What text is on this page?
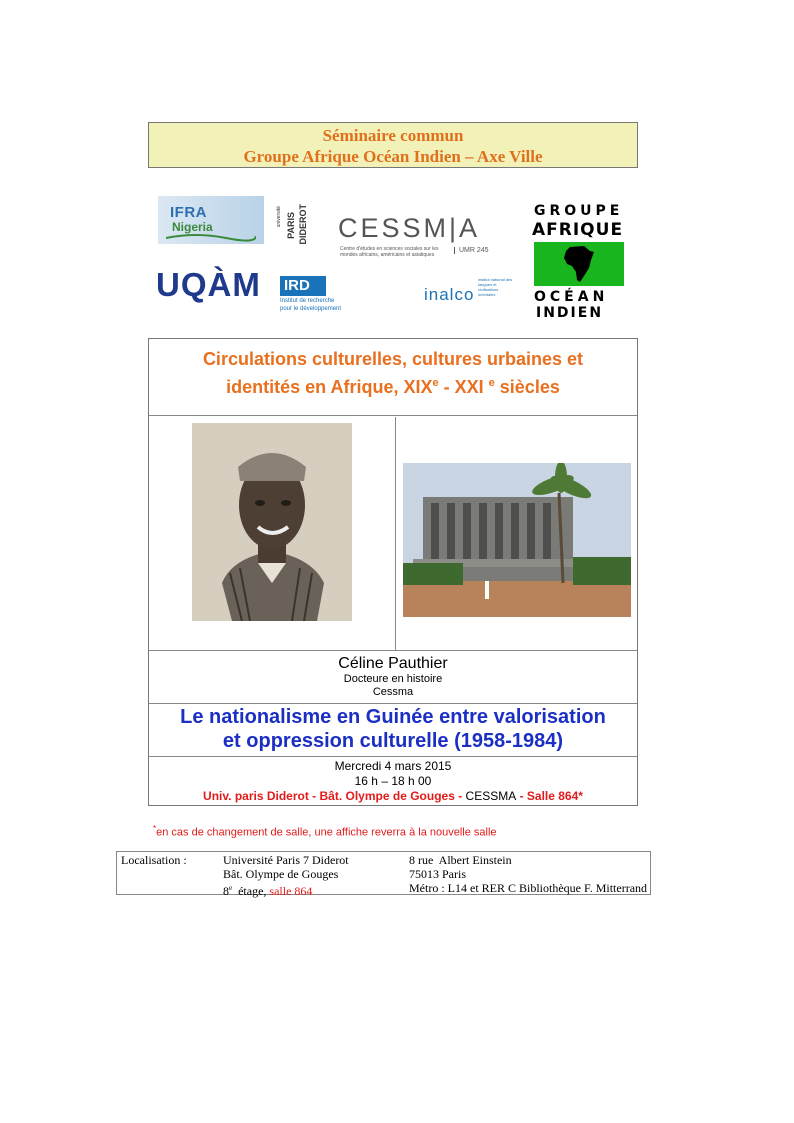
Séminaire commun
Groupe Afrique Océan Indien – Axe Ville
IFRA
Nigeria	université PARIS DIDEROT CESSM|A
Centre d'études en sciences sociales sur les mondes africains, américains et asiatiques
UMR 245
GROUPE
AFRIQUE
OCÉAN
INDIEN
UQÀM IRD
Institut de recherche
pour le développement
inalco
institut national des langues et civilisations orientales
Circulations culturelles, cultures urbaines et
identités en Afrique, XIXe - XXI $^e$ siècles
Céline Pauthier
Docteure en histoire
Cessma
Le nationalisme en Guinée entre valorisation
et oppression culturelle (1958-1984)
Mercredi 4 mars 2015
16 h – 18 h 00
Univ. paris Diderot - Bât. Olympe de Gouges - CESSMA - Salle 864*
*en cas de changement de salle, une affiche reverra à la nouvelle salle
Localisation :	Université Paris 7 Diderot
Bât. Olympe de Gouges
8e  étage, salle 864
8 rue  Albert Einstein
75013 Paris
Métro : L14 et RER C Bibliothèque F. Mitterrand
